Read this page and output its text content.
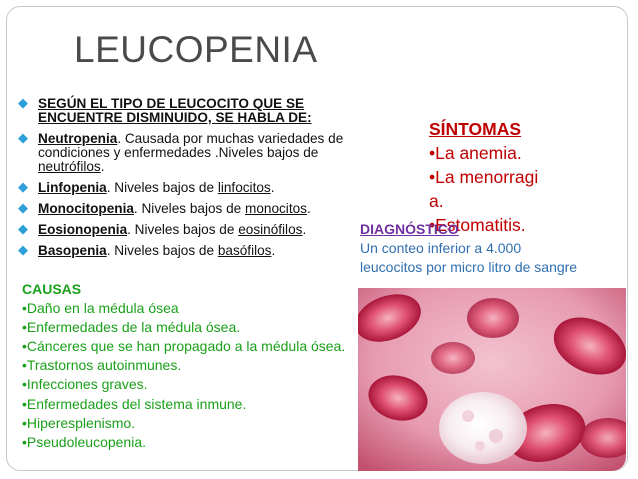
LEUCOPENIA
◆ SEGÚN EL TIPO DE LEUCOCITO QUE SE ENCUENTRE DISMINUIDO, SE HABLA DE:
◆ Neutropenia. Causada por muchas variedades de condiciones y enfermedades .Niveles bajos de neutrófilos.
◆ Linfopenia. Niveles bajos de linfocitos.
◆ Monocitopenia. Niveles bajos de monocitos.
◆ Eosionopenia. Niveles bajos de eosinófilos.
◆ Basopenia. Niveles bajos de basófilos.
SÍNTOMAS
•La anemia.
•La menorragi
a.
•Estomatitis.
CAUSAS
•Daño en la médula ósea
•Enfermedades de la médula ósea.
•Cánceres que se han propagado a la médula ósea.
•Trastornos autoinmunes.
•Infecciones graves.
•Enfermedades del sistema inmune.
•Hiperesplenismo.
•Pseudoleucopenia.
DIAGNÓSTICO
Un conteo inferior a 4.000
leucocitos por micro litro de sangre
